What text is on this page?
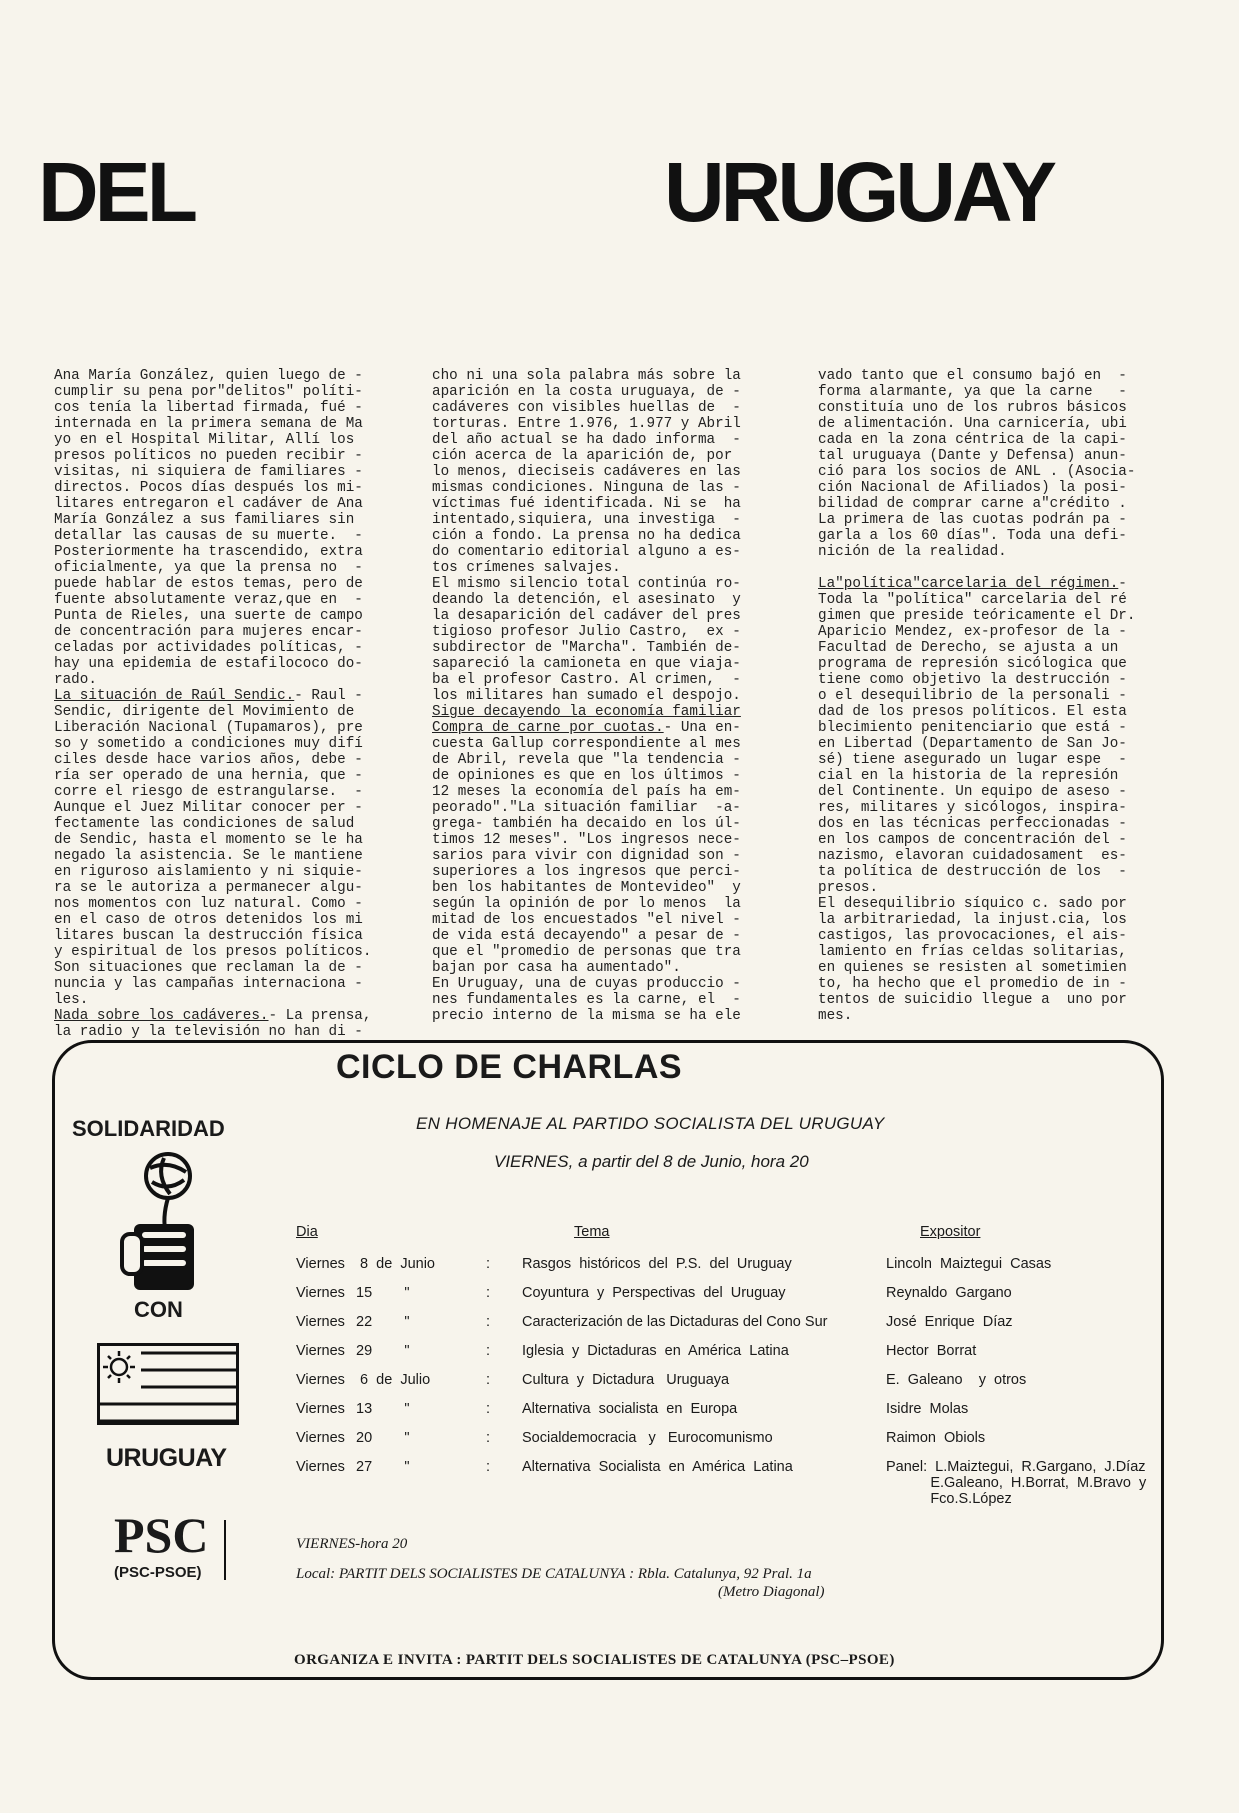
DEL	URUGUAY
Ana María González, quien luego de -
cumplir su pena por"delitos" políti-
cos tenía la libertad firmada, fué -
internada en la primera semana de Ma
yo en el Hospital Militar, Allí los
presos políticos no pueden recibir -
visitas, ni siquiera de familiares -
directos. Pocos días después los mi-
litares entregaron el cadáver de Ana
María González a sus familiares sin
detallar las causas de su muerte.  -
Posteriormente ha trascendido, extra
oficialmente, ya que la prensa no  -
puede hablar de estos temas, pero de
fuente absolutamente veraz,que en  -
Punta de Rieles, una suerte de campo
de concentración para mujeres encar-
celadas por actividades políticas, -
hay una epidemia de estafilococo do-
rado.
La situación de Raúl Sendic.- Raul -
Sendic, dirigente del Movimiento de
Liberación Nacional (Tupamaros), pre
so y sometido a condiciones muy difí
ciles desde hace varios años, debe -
ría ser operado de una hernia, que -
corre el riesgo de estrangularse.  -
Aunque el Juez Militar conocer per -
fectamente las condiciones de salud
de Sendic, hasta el momento se le ha
negado la asistencia. Se le mantiene
en riguroso aislamiento y ni siquie-
ra se le autoriza a permanecer algu-
nos momentos con luz natural. Como -
en el caso de otros detenidos los mi
litares buscan la destrucción física
y espiritual de los presos políticos.
Son situaciones que reclaman la de -
nuncia y las campañas internaciona -
les.
Nada sobre los cadáveres.- La prensa,
la radio y la televisión no han di -
cho ni una sola palabra más sobre la
aparición en la costa uruguaya, de -
cadáveres con visibles huellas de  -
torturas. Entre 1.976, 1.977 y Abril
del año actual se ha dado informa  -
ción acerca de la aparición de, por
lo menos, dieciseis cadáveres en las
mismas condiciones. Ninguna de las -
víctimas fué identificada. Ni se  ha
intentado,siquiera, una investiga  -
ción a fondo. La prensa no ha dedica
do comentario editorial alguno a es-
tos crímenes salvajes.
El mismo silencio total continúa ro-
deando la detención, el asesinato  y
la desaparición del cadáver del pres
tigioso profesor Julio Castro,  ex -
subdirector de "Marcha". También de-
sapareció la camioneta en que viaja-
ba el profesor Castro. Al crimen,  -
los militares han sumado el despojo.
Sigue decayendo la economía familiar
Compra de carne por cuotas.- Una en-
cuesta Gallup correspondiente al mes
de Abril, revela que "la tendencia -
de opiniones es que en los últimos -
12 meses la economía del país ha em-
peorado"."La situación familiar  -a-
grega- también ha decaido en los úl-
timos 12 meses". "Los ingresos nece-
sarios para vivir con dignidad son -
superiores a los ingresos que perci-
ben los habitantes de Montevideo"  y
según la opinión de por lo menos  la
mitad de los encuestados "el nivel -
de vida está decayendo" a pesar de -
que el "promedio de personas que tra
bajan por casa ha aumentado".
En Uruguay, una de cuyas produccio -
nes fundamentales es la carne, el  -
precio interno de la misma se ha ele
vado tanto que el consumo bajó en  -
forma alarmante, ya que la carne   -
constituía uno de los rubros básicos
de alimentación. Una carnicería, ubi
cada en la zona céntrica de la capi-
tal uruguaya (Dante y Defensa) anun-
ció para los socios de ANL . (Asocia-
ción Nacional de Afiliados) la posi-
bilidad de comprar carne a"crédito .
La primera de las cuotas podrán pa -
garla a los 60 días". Toda una defi-
nición de la realidad.

La"política"carcelaria del régimen.-
Toda la "política" carcelaria del ré
gimen que preside teóricamente el Dr.
Aparicio Mendez, ex-profesor de la -
Facultad de Derecho, se ajusta a un
programa de represión sicólogica que
tiene como objetivo la destrucción -
o el desequilibrio de la personali -
dad de los presos políticos. El esta
blecimiento penitenciario que está -
en Libertad (Departamento de San Jo-
sé) tiene asegurado un lugar espe  -
cial en la historia de la represión
del Continente. Un equipo de aseso -
res, militares y sicólogos, inspira-
dos en las técnicas perfeccionadas -
en los campos de concentración del -
nazismo, elavoran cuidadosament  es-
ta política de destrucción de los  -
presos.
El desequilibrio síquico c. sado por
la arbitrariedad, la injust.cia, los
castigos, las provocaciones, el ais-
lamiento en frías celdas solitarias,
en quienes se resisten al sometimien
to, ha hecho que el promedio de in -
tentos de suicidio llegue a  uno por
mes.
CICLO DE CHARLAS
SOLIDARIDAD	EN HOMENAJE AL PARTIDO SOCIALISTA DEL URUGUAY
VIERNES, a partir del 8 de Junio, hora 20
CON
URUGUAY
PSC
(PSC-PSOE)
Dia	Tema	Expositor
Viernes 8  de  Junio	: Rasgos  históricos  del  P.S.  del  Uruguay	Lincoln  Maiztegui  Casas
Viernes 15        "	: Coyuntura  y  Perspectivas  del  Uruguay	Reynaldo  Gargano
Viernes 22        "	: Caracterización de las Dictaduras del Cono Sur	José  Enrique  Díaz
Viernes 29        "	: Iglesia  y  Dictaduras  en  América  Latina	Hector  Borrat
Viernes 6  de  Julio	: Cultura  y  Dictadura   Uruguaya	E.  Galeano    y  otros
Viernes 13        "	: Alternativa  socialista  en  Europa	Isidre  Molas
Viernes 20        "	: Socialdemocracia   y   Eurocomunismo	Raimon  Obiols
Viernes 27        "	: Alternativa  Socialista  en  América  Latina	Panel:  L.Maiztegui,  R.Gargano,  J.Díaz
E.Galeano,  H.Borrat,  M.Bravo  y
Fco.S.López
VIERNES-hora 20
Local: PARTIT DELS SOCIALISTES DE CATALUNYA : Rbla. Catalunya, 92 Pral. 1a
(Metro Diagonal)
ORGANIZA E INVITA : PARTIT DELS SOCIALISTES DE CATALUNYA (PSC–PSOE)
